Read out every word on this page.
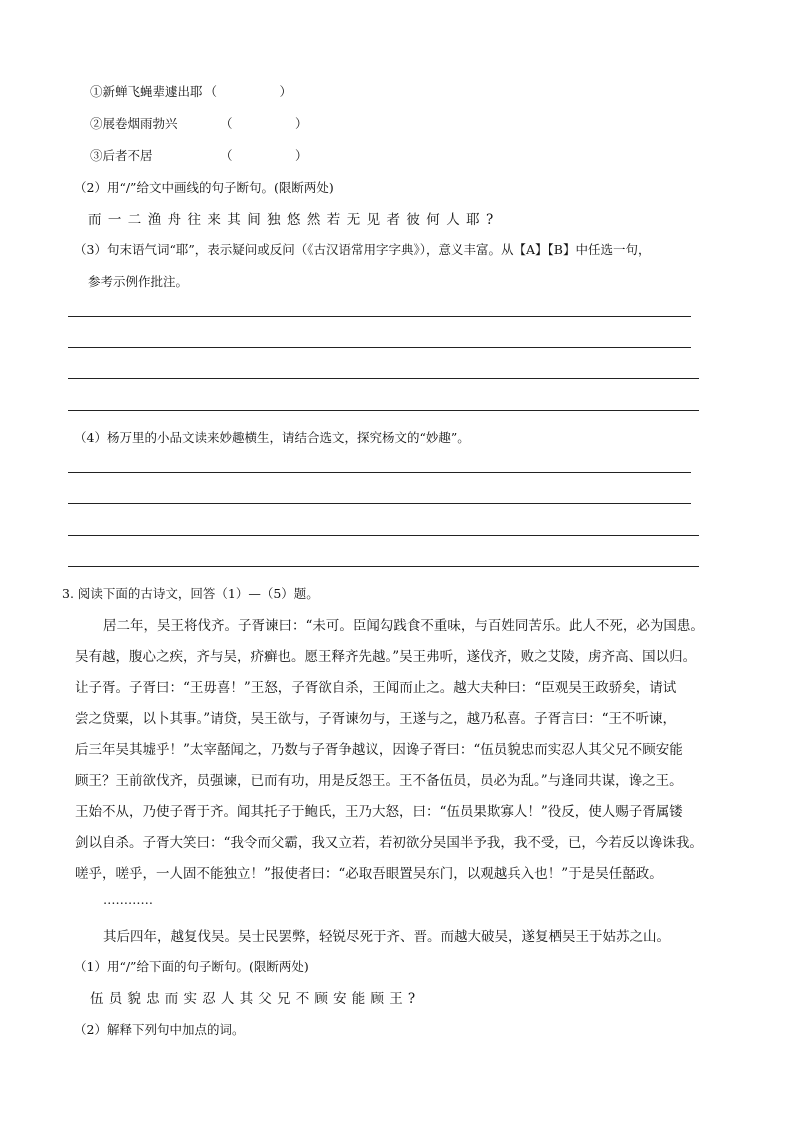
①新蝉飞蝇辈遽出耶 （　　　　　）
②展卷烟雨勃兴	（　　　　　）
③后者不居	（　　　　　）
（2）用“/”给文中画线的句子断句。(限断两处)
而一二渔舟往来其间独悠然若无见者彼何人耶?
（3）句末语气词“耶”，表示疑问或反问（《古汉语常用字字典》），意义丰富。从【A】【B】中任选一句，
参考示例作批注。
（4）杨万里的小品文读来妙趣横生，请结合选文，探究杨文的“妙趣”。
3. 阅读下面的古诗文，回答（1）—（5）题。
居二年，吴王将伐齐。子胥谏曰：“未可。臣闻勾践食不重味，与百姓同苦乐。此人不死，必为国患。
吴有越，腹心之疾，齐与吴，疥癣也。愿王释齐先越。”吴王弗听，遂伐齐，败之艾陵，虏齐高、国以归。
让子胥。子胥曰：“王毋喜！”王怒，子胥欲自杀，王闻而止之。越大夫种曰：“臣观吴王政骄矣，请试
尝之贷粟，以卜其事。”请贷，吴王欲与，子胥谏勿与，王遂与之，越乃私喜。子胥言曰：“王不听谏，
后三年吴其墟乎！”太宰嚭闻之，乃数与子胥争越议，因谗子胥曰：“伍员貌忠而实忍人其父兄不顾安能
顾王？王前欲伐齐，员强谏，已而有功，用是反怨王。王不备伍员，员必为乱。”与逢同共谋，谗之王。
王始不从，乃使子胥于齐。闻其托子于鲍氏，王乃大怒，曰：“伍员果欺寡人！”役反，使人赐子胥属镂
剑以自杀。子胥大笑曰：“我令而父霸，我又立若，若初欲分吴国半予我，我不受，已，今若反以谗诛我。
嗟乎，嗟乎，一人固不能独立！”报使者曰：“必取吾眼置吴东门，以观越兵入也！”于是吴任嚭政。
…………
其后四年，越复伐吴。吴士民罢弊，轻锐尽死于齐、晋。而越大破吴，遂复栖吴王于姑苏之山。
（1）用“/”给下面的句子断句。(限断两处)
伍员貌忠而实忍人其父兄不顾安能顾王?
（2）解释下列句中加点的词。
